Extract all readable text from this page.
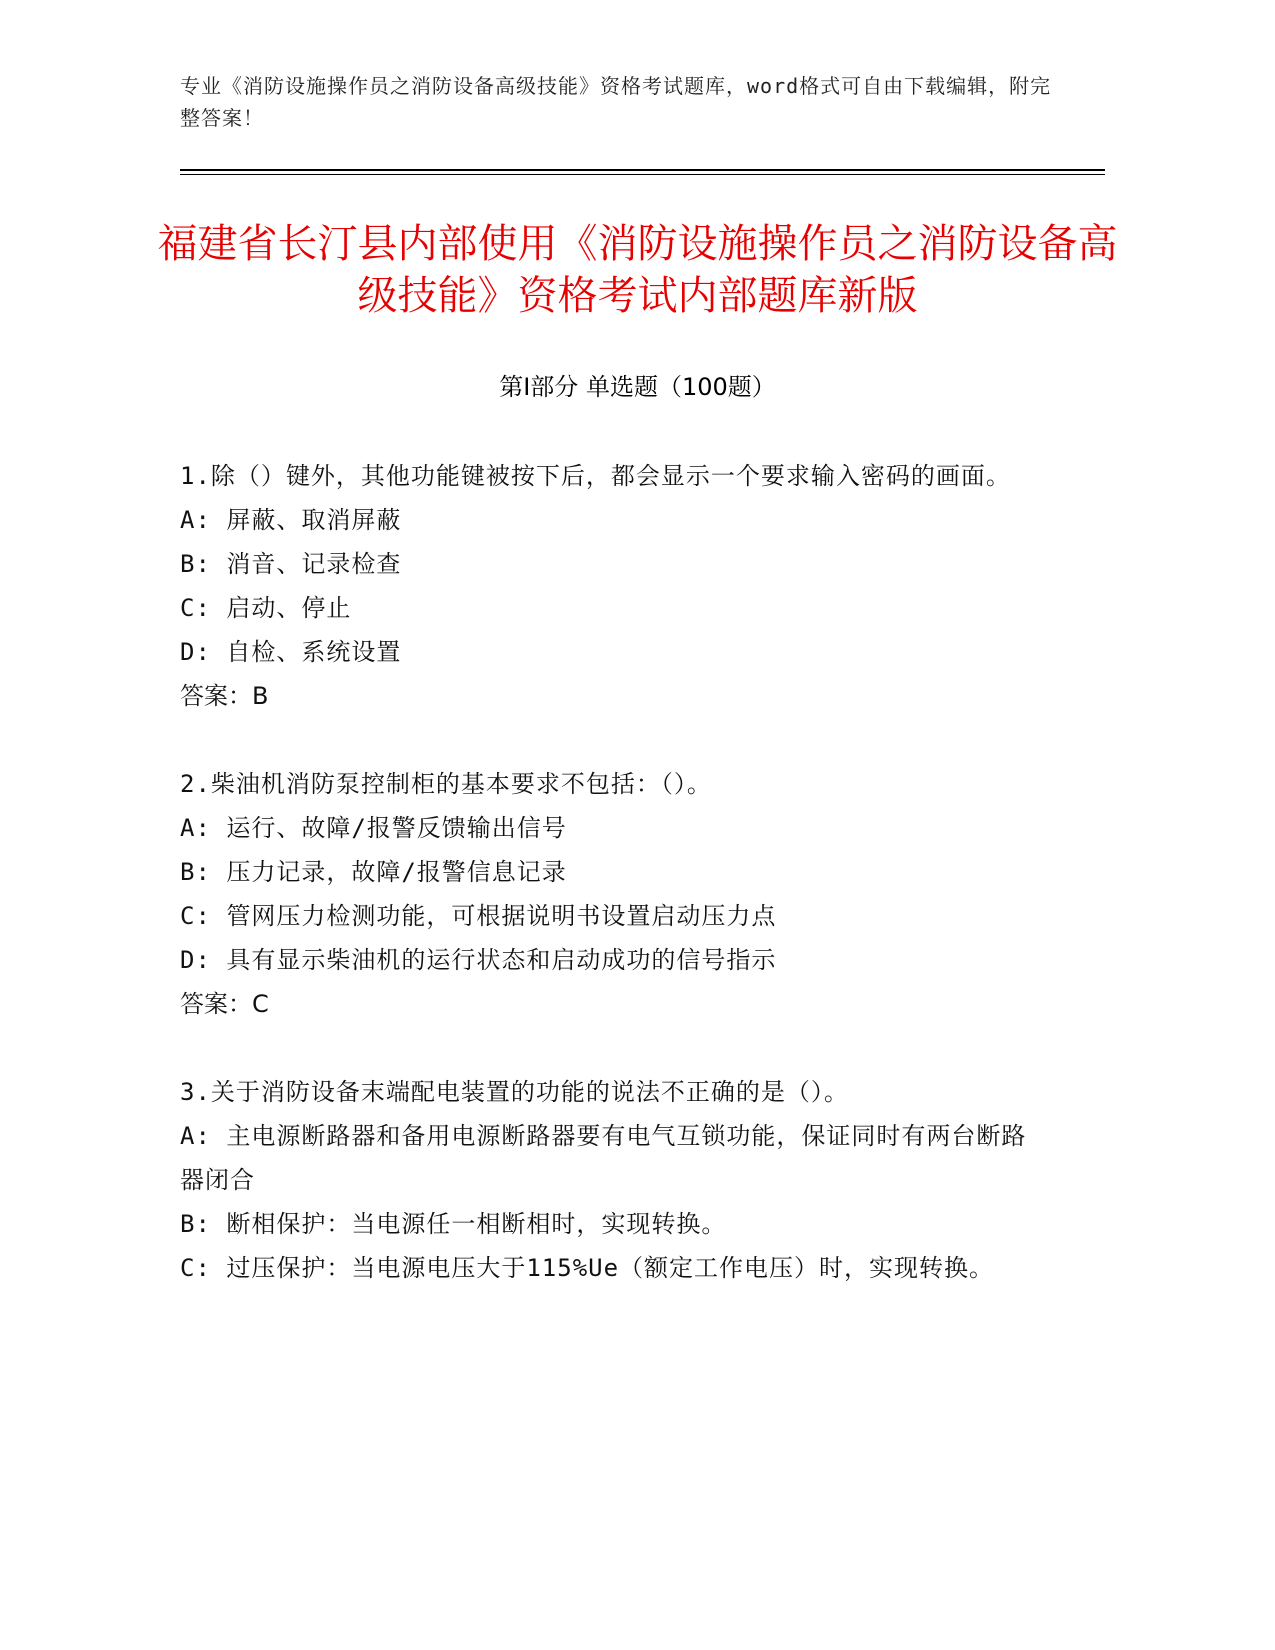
专业《消防设施操作员之消防设备高级技能》资格考试题库，word格式可自由下载编辑，附完整答案！
福建省长汀县内部使用《消防设施操作员之消防设备高级技能》资格考试内部题库新版
第Ⅰ部分 单选题（100题）

1.除（）键外，其他功能键被按下后，都会显示一个要求输入密码的画面。

A: 屏蔽、取消屏蔽

B: 消音、记录检查

C: 启动、停止

D: 自检、系统设置

答案：B

2.柴油机消防泵控制柜的基本要求不包括：（）。

A: 运行、故障/报警反馈输出信号

B: 压力记录，故障/报警信息记录

C: 管网压力检测功能，可根据说明书设置启动压力点

D: 具有显示柴油机的运行状态和启动成功的信号指示

答案：C

3.关于消防设备末端配电装置的功能的说法不正确的是（）。

A: 主电源断路器和备用电源断路器要有电气互锁功能，保证同时有两台断路器闭合

B: 断相保护：当电源任一相断相时，实现转换。

C: 过压保护：当电源电压大于115%Ue（额定工作电压）时，实现转换。
